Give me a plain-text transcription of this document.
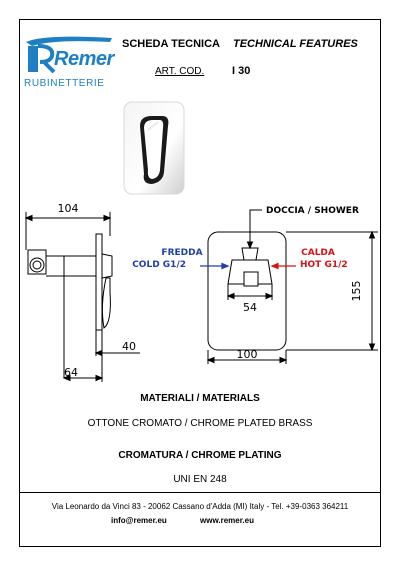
Remer
RUBINETTERIE
SCHEDA TECNICA TECHNICAL FEATURES
ART. COD.	I 30
104
40
64
100
155
54
DOCCIA / SHOWER
FREDDA
COLD G1/2
CALDA
HOT G1/2
MATERIALI / MATERIALS
OTTONE CROMATO / CHROME PLATED BRASS
CROMATURA / CHROME PLATING
UNI EN 248
Via Leonardo da Vinci 83 - 20062 Cassano d'Adda (MI) Italy - Tel. +39-0363 364211
info@remer.eu	www.remer.eu
